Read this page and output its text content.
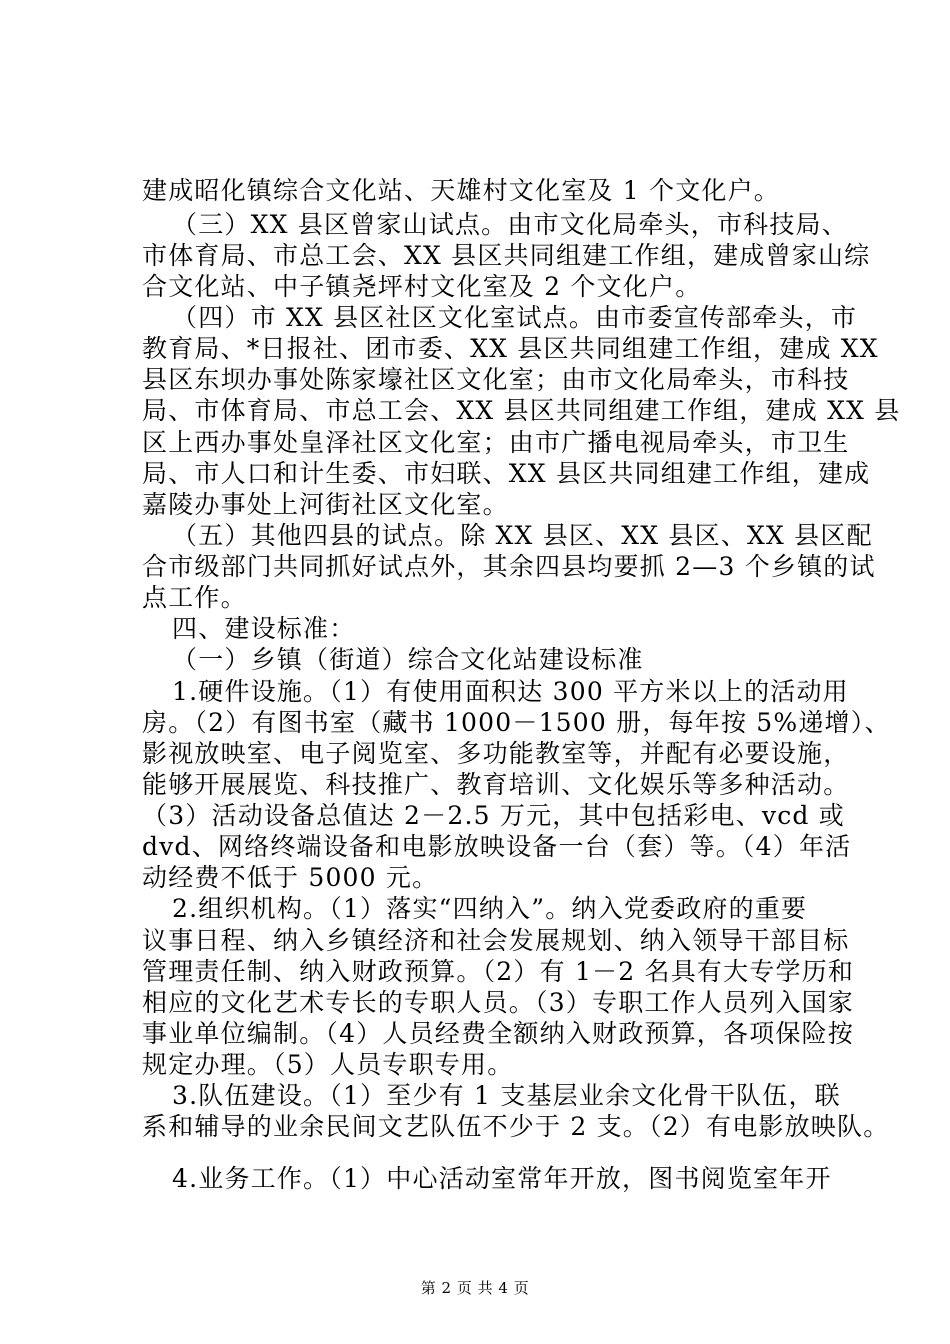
建成昭化镇综合文化站、天雄村文化室及 1 个文化户。
（三）XX 县区曾家山试点。由市文化局牵头，市科技局、
市体育局、市总工会、XX 县区共同组建工作组，建成曾家山综
合文化站、中子镇尧坪村文化室及 2 个文化户。
（四）市 XX 县区社区文化室试点。由市委宣传部牵头，市
教育局、*日报社、团市委、XX 县区共同组建工作组，建成 XX
县区东坝办事处陈家壕社区文化室；由市文化局牵头，市科技
局、市体育局、市总工会、XX 县区共同组建工作组，建成 XX 县
区上西办事处皇泽社区文化室；由市广播电视局牵头，市卫生
局、市人口和计生委、市妇联、XX 县区共同组建工作组，建成
嘉陵办事处上河街社区文化室。
（五）其他四县的试点。除 XX 县区、XX 县区、XX 县区配
合市级部门共同抓好试点外，其余四县均要抓 2—3 个乡镇的试
点工作。
四、建设标准：
（一）乡镇（街道）综合文化站建设标准
1.硬件设施。（1）有使用面积达 300 平方米以上的活动用
房。（2）有图书室（藏书 1000－1500 册，每年按 5%递增）、
影视放映室、电子阅览室、多功能教室等，并配有必要设施，
能够开展展览、科技推广、教育培训、文化娱乐等多种活动。
（3）活动设备总值达 2－2.5 万元，其中包括彩电、vcd 或
dvd、网络终端设备和电影放映设备一台（套）等。（4）年活
动经费不低于 5000 元。
2.组织机构。（1）落实“四纳入”。纳入党委政府的重要
议事日程、纳入乡镇经济和社会发展规划、纳入领导干部目标
管理责任制、纳入财政预算。（2）有 1－2 名具有大专学历和
相应的文化艺术专长的专职人员。（3）专职工作人员列入国家
事业单位编制。（4）人员经费全额纳入财政预算，各项保险按
规定办理。（5）人员专职专用。
3.队伍建设。（1）至少有 1 支基层业余文化骨干队伍，联
系和辅导的业余民间文艺队伍不少于 2 支。（2）有电影放映队。
4.业务工作。（1）中心活动室常年开放，图书阅览室年开
第 2 页 共 4 页
